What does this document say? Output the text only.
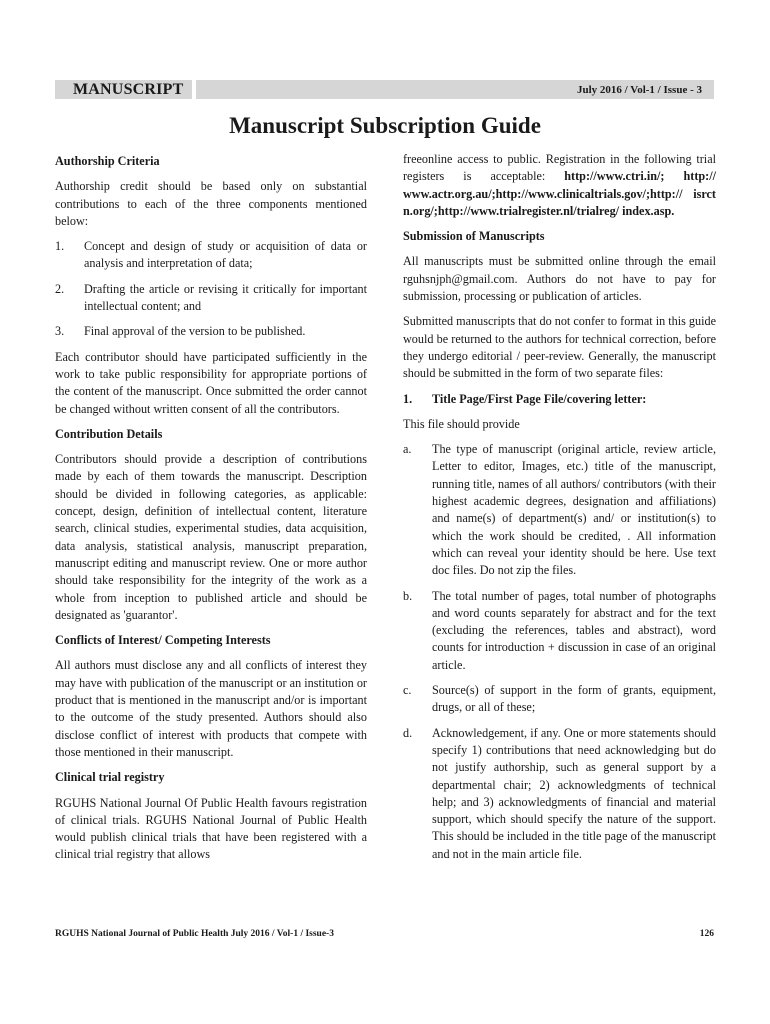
MANUSCRIPT	July 2016 / Vol-1 / Issue - 3
Manuscript Subscription Guide
Authorship Criteria

Authorship credit should be based only on substantial contributions to each of the three components mentioned below:

1.	Concept and design of study or acquisition of data or analysis and interpretation of data;
2.	Drafting the article or revising it critically for important intellectual content; and
3.	Final approval of the version to be published.

Each contributor should have participated sufficiently in the work to take public responsibility for appropriate portions of the content of the manuscript. Once submitted the order cannot be changed without written consent of all the contributors.

Contribution Details

Contributors should provide a description of contributions made by each of them towards the manuscript. Description should be divided in following categories, as applicable: concept, design, definition of intellectual content, literature search, clinical studies, experimental studies, data acquisition, data analysis, statistical analysis, manuscript preparation, manuscript editing and manuscript review. One or more author should take responsibility for the integrity of the work as a whole from inception to published article and should be designated as 'guarantor'.

Conflicts of Interest/ Competing Interests

All authors must disclose any and all conflicts of interest they may have with publication of the manuscript or an institution or product that is mentioned in the manuscript and/or is important to the outcome of the study presented. Authors should also disclose conflict of interest with products that compete with those mentioned in their manuscript.

Clinical trial registry

RGUHS National Journal Of Public Health favours registration of clinical trials. RGUHS National Journal of Public Health would publish clinical trials that have been registered with a clinical trial registry that allows

freeonline access to public. Registration in the following trial registers is acceptable: http://www.ctri.in/; http:// www.actr.org.au/;http://www.clinicaltrials.gov/;http:// isrct n.org/;http://www.trialregister.nl/trialreg/ index.asp.

Submission of Manuscripts

All manuscripts must be submitted online through the email rguhsnjph@gmail.com. Authors do not have to pay for submission, processing or publication of articles.

Submitted manuscripts that do not confer to format in this guide would be returned to the authors for technical correction, before they undergo editorial / peer-review. Generally, the manuscript should be submitted in the form of two separate files:

1.	Title Page/First Page File/covering letter:

This file should provide

a.	The type of manuscript (original article, review article, Letter to editor, Images, etc.) title of the manuscript, running title, names of all authors/ contributors (with their highest academic degrees, designation and affiliations) and name(s) of department(s) and/ or institution(s) to which the work should be credited, . All information which can reveal your identity should be here. Use text doc files. Do not zip the files.
b.	The total number of pages, total number of photographs and word counts separately for abstract and for the text (excluding the references, tables and abstract), word counts for introduction + discussion in case of an original article.
c.	Source(s) of support in the form of grants, equipment, drugs, or all of these;
d.	Acknowledgement, if any. One or more statements should specify 1) contributions that need acknowledging but do not justify authorship, such as general support by a departmental chair; 2) acknowledgments of technical help; and 3) acknowledgments of financial and material support, which should specify the nature of the support. This should be included in the title page of the manuscript and not in the main article file.
RGUHS National Journal of Public Health July 2016 / Vol-1 / Issue-3	126
